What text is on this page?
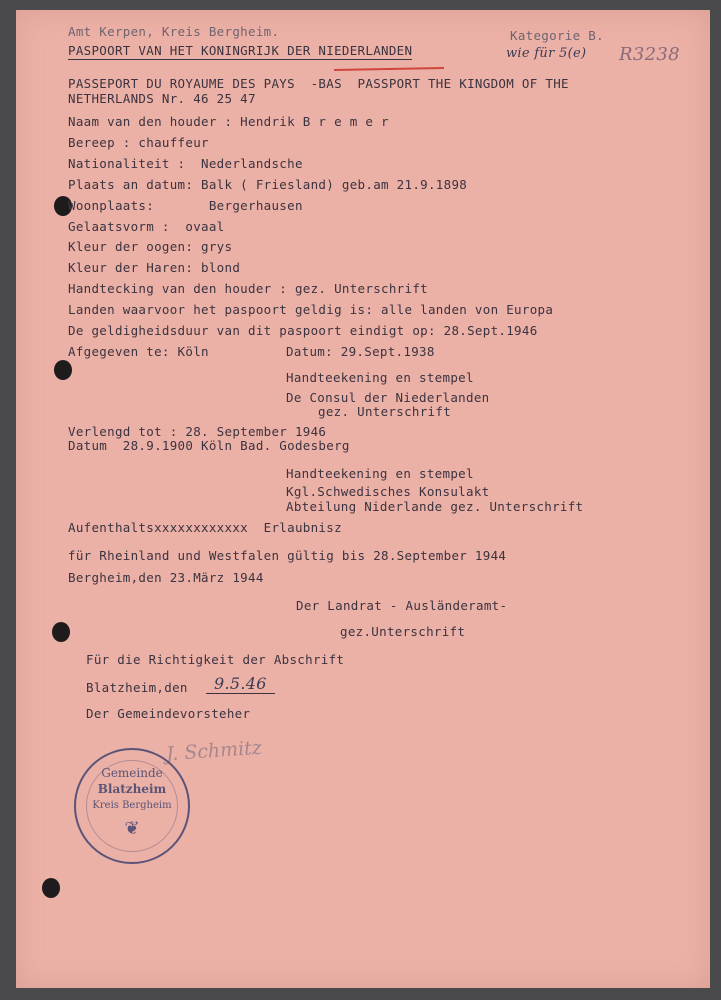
Amt Kerpen, Kreis Bergheim.
PASPOORT VAN HET KONINGRIJK DER NIEDERLANDEN
Kategorie B.
wie für 5(e) R3238
PASSEPORT DU ROYAUME DES PAYS  -BAS  PASSPORT THE KINGDOM OF THE
NETHERLANDS Nr. 46 25 47
Naam van den houder : Hendrik B r e m e r
Bereep : chauffeur
Nationaliteit :  Nederlandsche
Plaats an datum: Balk ( Friesland) geb.am 21.9.1898
Woonplaats:       Bergerhausen
Gelaatsvorm :  ovaal
Kleur der oogen: grys
Kleur der Haren: blond
Handtecking van den houder : gez. Unterschrift
Landen waarvoor het paspoort geldig is: alle landen von Europa
De geldigheidsduur van dit paspoort eindigt op: 28.Sept.1946
Afgegeven te: Köln	Datum: 29.Sept.1938
Handteekening en stempel
De Consul der Niederlanden
gez. Unterschrift
Verlengd tot : 28. September 1946
Datum  28.9.1900 Köln Bad. Godesberg
Handteekening en stempel
Kgl.Schwedisches Konsulakt
Abteilung Niderlande gez. Unterschrift
Aufenthaltsxxxxxxxxxxxx  Erlaubnisz
für Rheinland und Westfalen gültig bis 28.September 1944
Bergheim,den 23.März 1944
Der Landrat - Ausländeramt-
gez.Unterschrift
Für die Richtigkeit der Abschrift
Blatzheim,den	9.5.46
Der Gemeindevorsteher
Gemeinde
Blatzheim
Kreis Bergheim
❦
J. Schmitz
